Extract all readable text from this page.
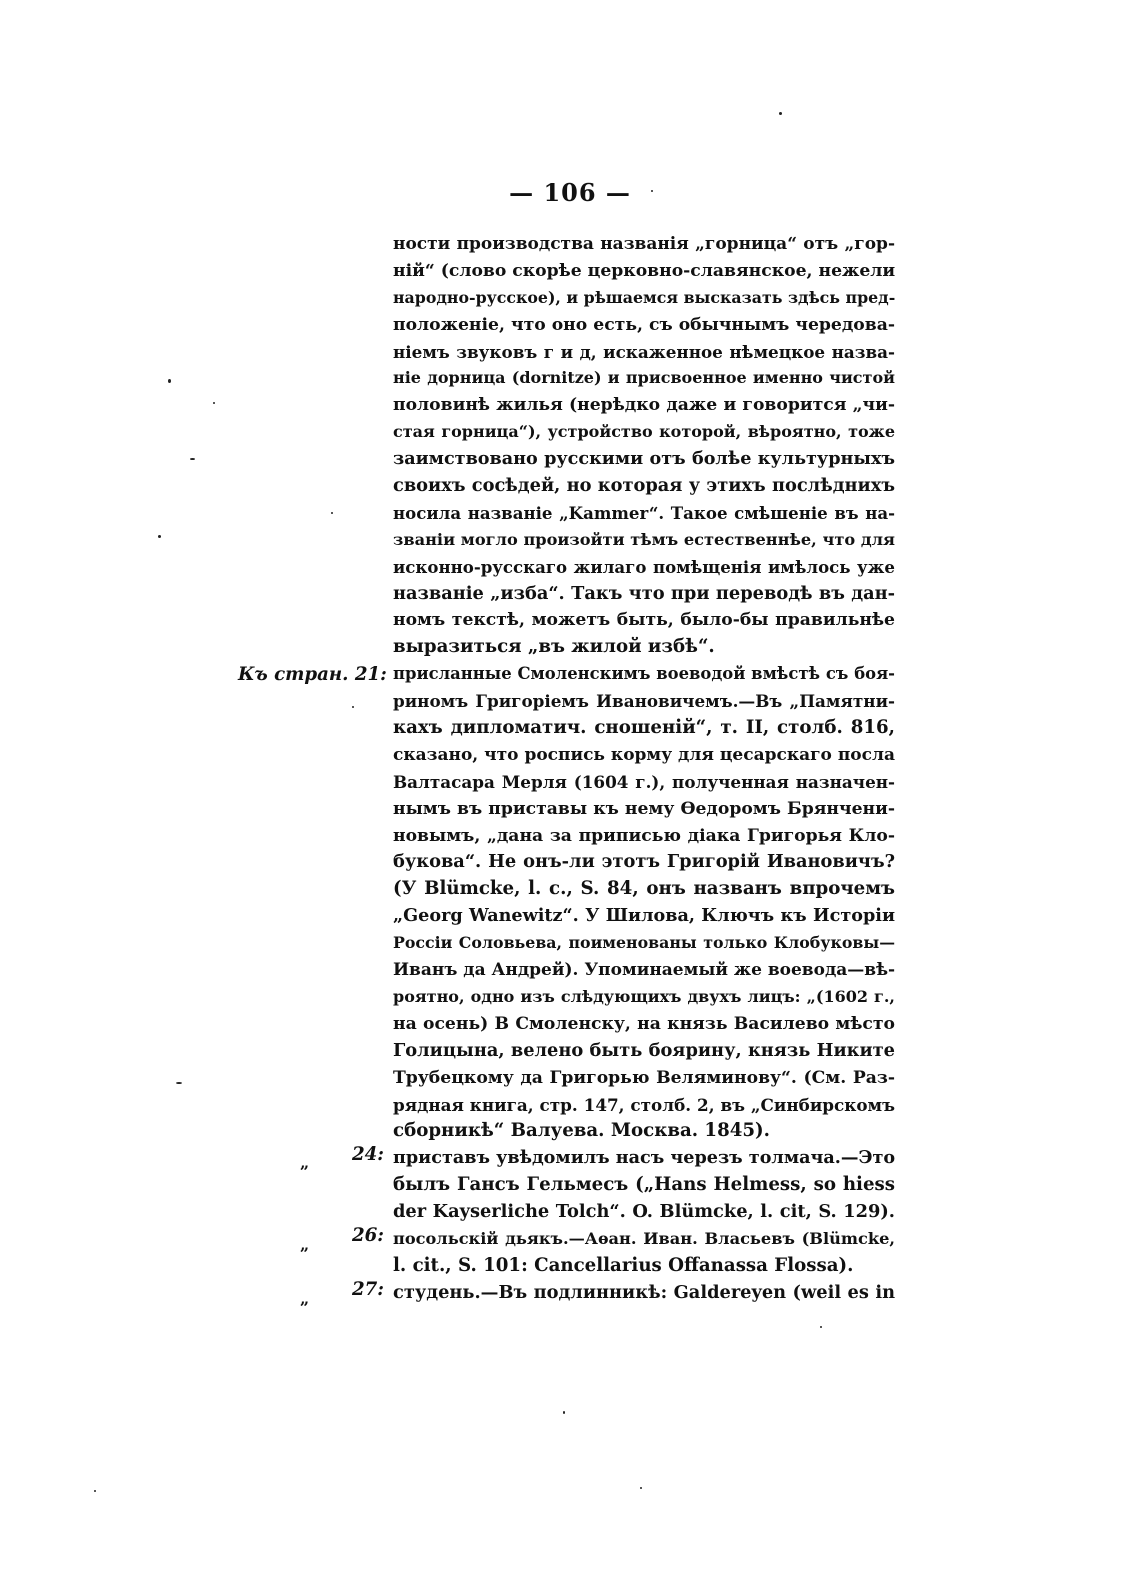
— 106 —
ности производства названія „горница“ отъ „гор-
ній“ (слово скорѣе церковно-славянское, нежели
народно-русское), и рѣшаемся высказать здѣсь пред-
положеніе, что оно есть, съ обычнымъ чередова-
ніемъ звуковъ г и д, искаженное нѣмецкое назва-
ніе дорница (dornitze) и присвоенное именно чистой
половинѣ жилья (нерѣдко даже и говорится „чи-
стая горница“), устройство которой, вѣроятно, тоже
заимствовано русскими отъ болѣе культурныхъ
своихъ сосѣдей, но которая у этихъ послѣднихъ
носила названіе „Kammer“. Такое смѣшеніе въ на-
званіи могло произойти тѣмъ естественнѣе, что для
исконно-русскаго жилаго помѣщенія имѣлось уже
названіе „изба“. Такъ что при переводѣ въ дан-
номъ текстѣ, можетъ быть, было-бы правильнѣе
выразиться „въ жилой избѣ“.
присланные Смоленскимъ воеводой вмѣстѣ съ боя-
риномъ Григоріемъ Ивановичемъ.—Въ „Памятни-
кахъ дипломатич. сношеній“, т. II, столб. 816,
сказано, что роспись корму для цесарскаго посла
Валтасара Мерля (1604 г.), полученная назначен-
нымъ въ приставы къ нему Өедоромъ Брянчени-
новымъ, „дана за приписью діака Григорья Кло-
букова“. Не онъ-ли этотъ Григорій Ивановичъ?
(У Blümcke, l. c., S. 84, онъ названъ впрочемъ
„Georg Wanewitz“. У Шилова, Ключъ къ Исторіи
Россіи Соловьева, поименованы только Клобуковы—
Иванъ да Андрей). Упоминаемый же воевода—вѣ-
роятно, одно изъ слѣдующихъ двухъ лицъ: „(1602 г.,
на осень) В Смоленску, на князь Василево мѣсто
Голицына, велено быть боярину, князь Никите
Трубецкому да Григорью Веляминову“. (См. Раз-
рядная книга, стр. 147, столб. 2, въ „Синбирскомъ
сборникѣ“ Валуева. Москва. 1845).
приставъ увѣдомилъ насъ черезъ толмача.—Это
былъ Гансъ Гельмесъ („Hans Helmess, so hiess
der Kayserliche Tolch“. O. Blümcke, l. cit, S. 129).
посольскій дьякъ.—Аѳан. Иван. Власьевъ (Blümcke,
l. cit., S. 101: Cancellarius Offanassa Flossa).
студень.—Въ подлинникѣ: Galdereyen (weil es in
Къ стран. 21:
„ 24:
„ 26:
„ 27:
